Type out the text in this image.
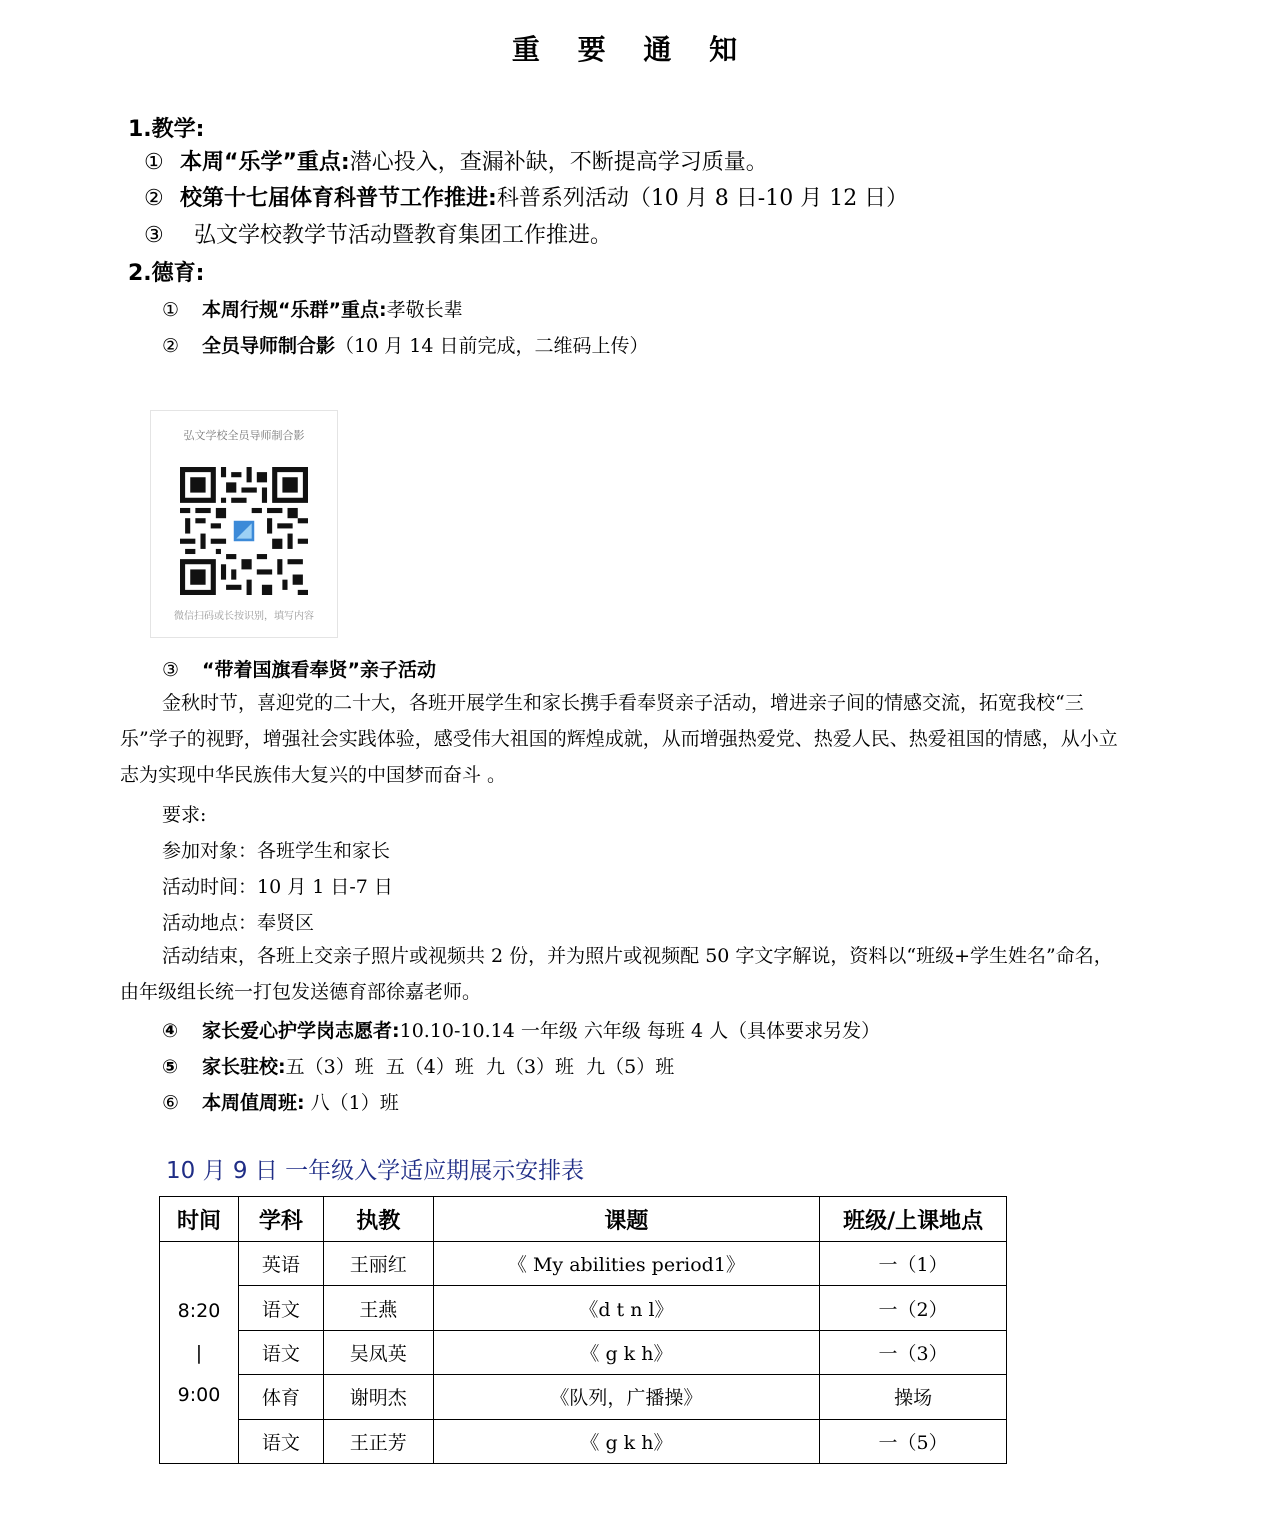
重 要 通 知
1.教学:
① 本周“乐学”重点:潜心投入，查漏补缺，不断提高学习质量。
② 校第十七届体育科普节工作推进:科普系列活动（10 月 8 日-10 月 12 日）
③ 弘文学校教学节活动暨教育集团工作推进。
2.德育:
① 本周行规“乐群”重点:孝敬长辈
② 全员导师制合影（10 月 14 日前完成，二维码上传）
弘文学校全员导师制合影
微信扫码或长按识别，填写内容
③ “带着国旗看奉贤”亲子活动
金秋时节，喜迎党的二十大，各班开展学生和家长携手看奉贤亲子活动，增进亲子间的情感交流，拓宽我校“三乐”学子的视野，增强社会实践体验，感受伟大祖国的辉煌成就，从而增强热爱党、热爱人民、热爱祖国的情感，从小立志为实现中华民族伟大复兴的中国梦而奋斗 。
要求:
参加对象：各班学生和家长
活动时间：10 月 1 日-7 日
活动地点：奉贤区
活动结束，各班上交亲子照片或视频共 2 份，并为照片或视频配 50 字文字解说，资料以“班级+学生姓名”命名，由年级组长统一打包发送德育部徐嘉老师。
④ 家长爱心护学岗志愿者:10.10-10.14 一年级 六年级 每班 4 人（具体要求另发）
⑤ 家长驻校:五（3）班  五（4）班  九（3）班  九（5）班
⑥ 本周值周班: 八（1）班
10 月 9 日 一年级入学适应期展示安排表
时间	学科	执教	课题	班级/上课地点

8:20
|
9:00	英语	王丽红	《 My abilities period1》	一（1）
	语文	王燕	《d t n l》	一（2）
	语文	吴凤英	《 g k h》	一（3）
	体育	谢明杰	《队列，广播操》	操场
	语文	王正芳	《 g k h》	一（5）
